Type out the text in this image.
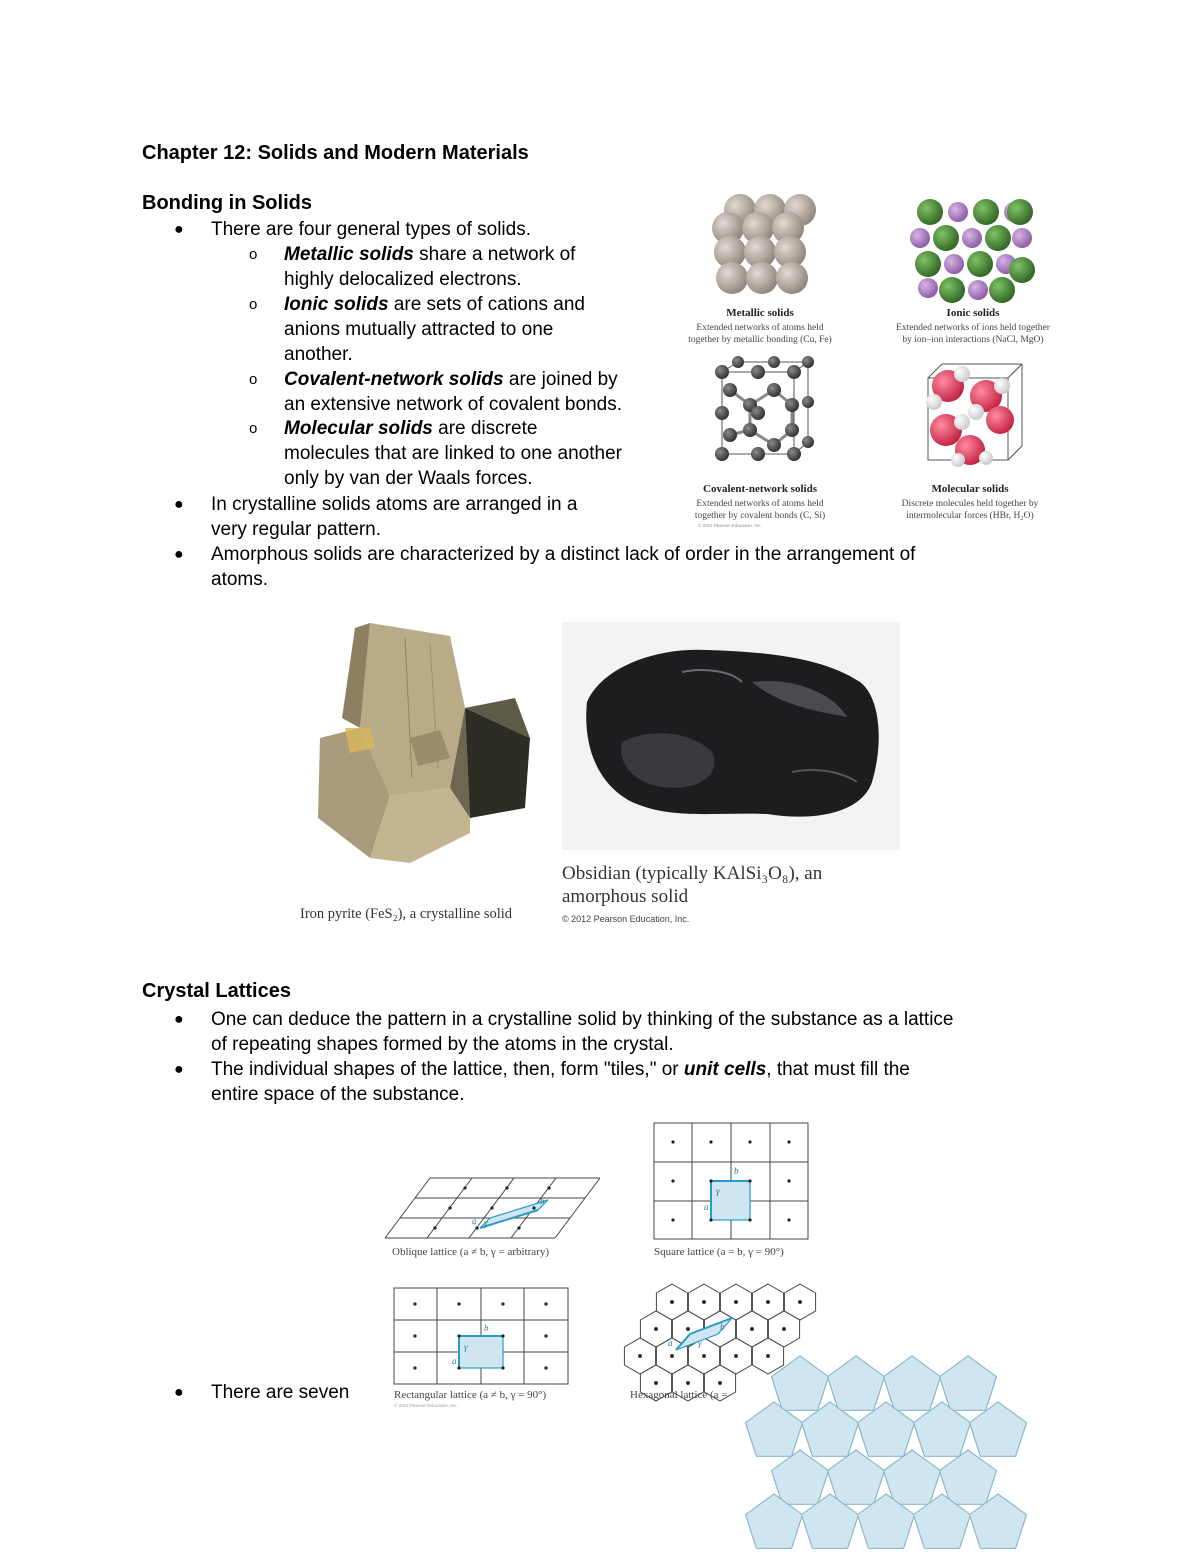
Chapter 12: Solids and Modern Materials
Bonding in Solids
● There are four general types of solids.
o Metallic solids share a network of
highly delocalized electrons.
o Ionic solids are sets of cations and
anions mutually attracted to one
another.
o Covalent-network solids are joined by
an extensive network of covalent bonds.
o Molecular solids are discrete
molecules that are linked to one another
only by van der Waals forces.
● In crystalline solids atoms are arranged in a
very regular pattern.
● Amorphous solids are characterized by a distinct lack of order in the arrangement of
atoms.
Metallic solids
Extended networks of atoms held
together by metallic bonding (Cu, Fe)
Ionic solids
Extended networks of ions held together
by ion–ion interactions (NaCl, MgO)
Covalent-network solids
Extended networks of atoms held
together by covalent bonds (C, Si)
© 2012 Pearson Education, Inc.
Molecular solids
Discrete molecules held together by
intermolecular forces (HBr, H₂O)
Iron pyrite (FeS₂), a crystalline solid
Obsidian (typically KAlSi₃O₈), an
amorphous solid
© 2012 Pearson Education, Inc.
Crystal Lattices
● One can deduce the pattern in a crystalline solid by thinking of the substance as a lattice
of repeating shapes formed by the atoms in the crystal.
● The individual shapes of the lattice, then, form "tiles," or unit cells, that must fill the
entire space of the substance.
γ
b
a
Oblique lattice (a ≠ b, γ = arbitrary)
b
γ
a
Square lattice (a = b, γ = 90°)
b
γ
a
Rectangular lattice (a ≠ b, γ = 90°)
© 2012 Pearson Education, Inc.
b
γ
a
Hexagonal lattice (a =
● There are seven
